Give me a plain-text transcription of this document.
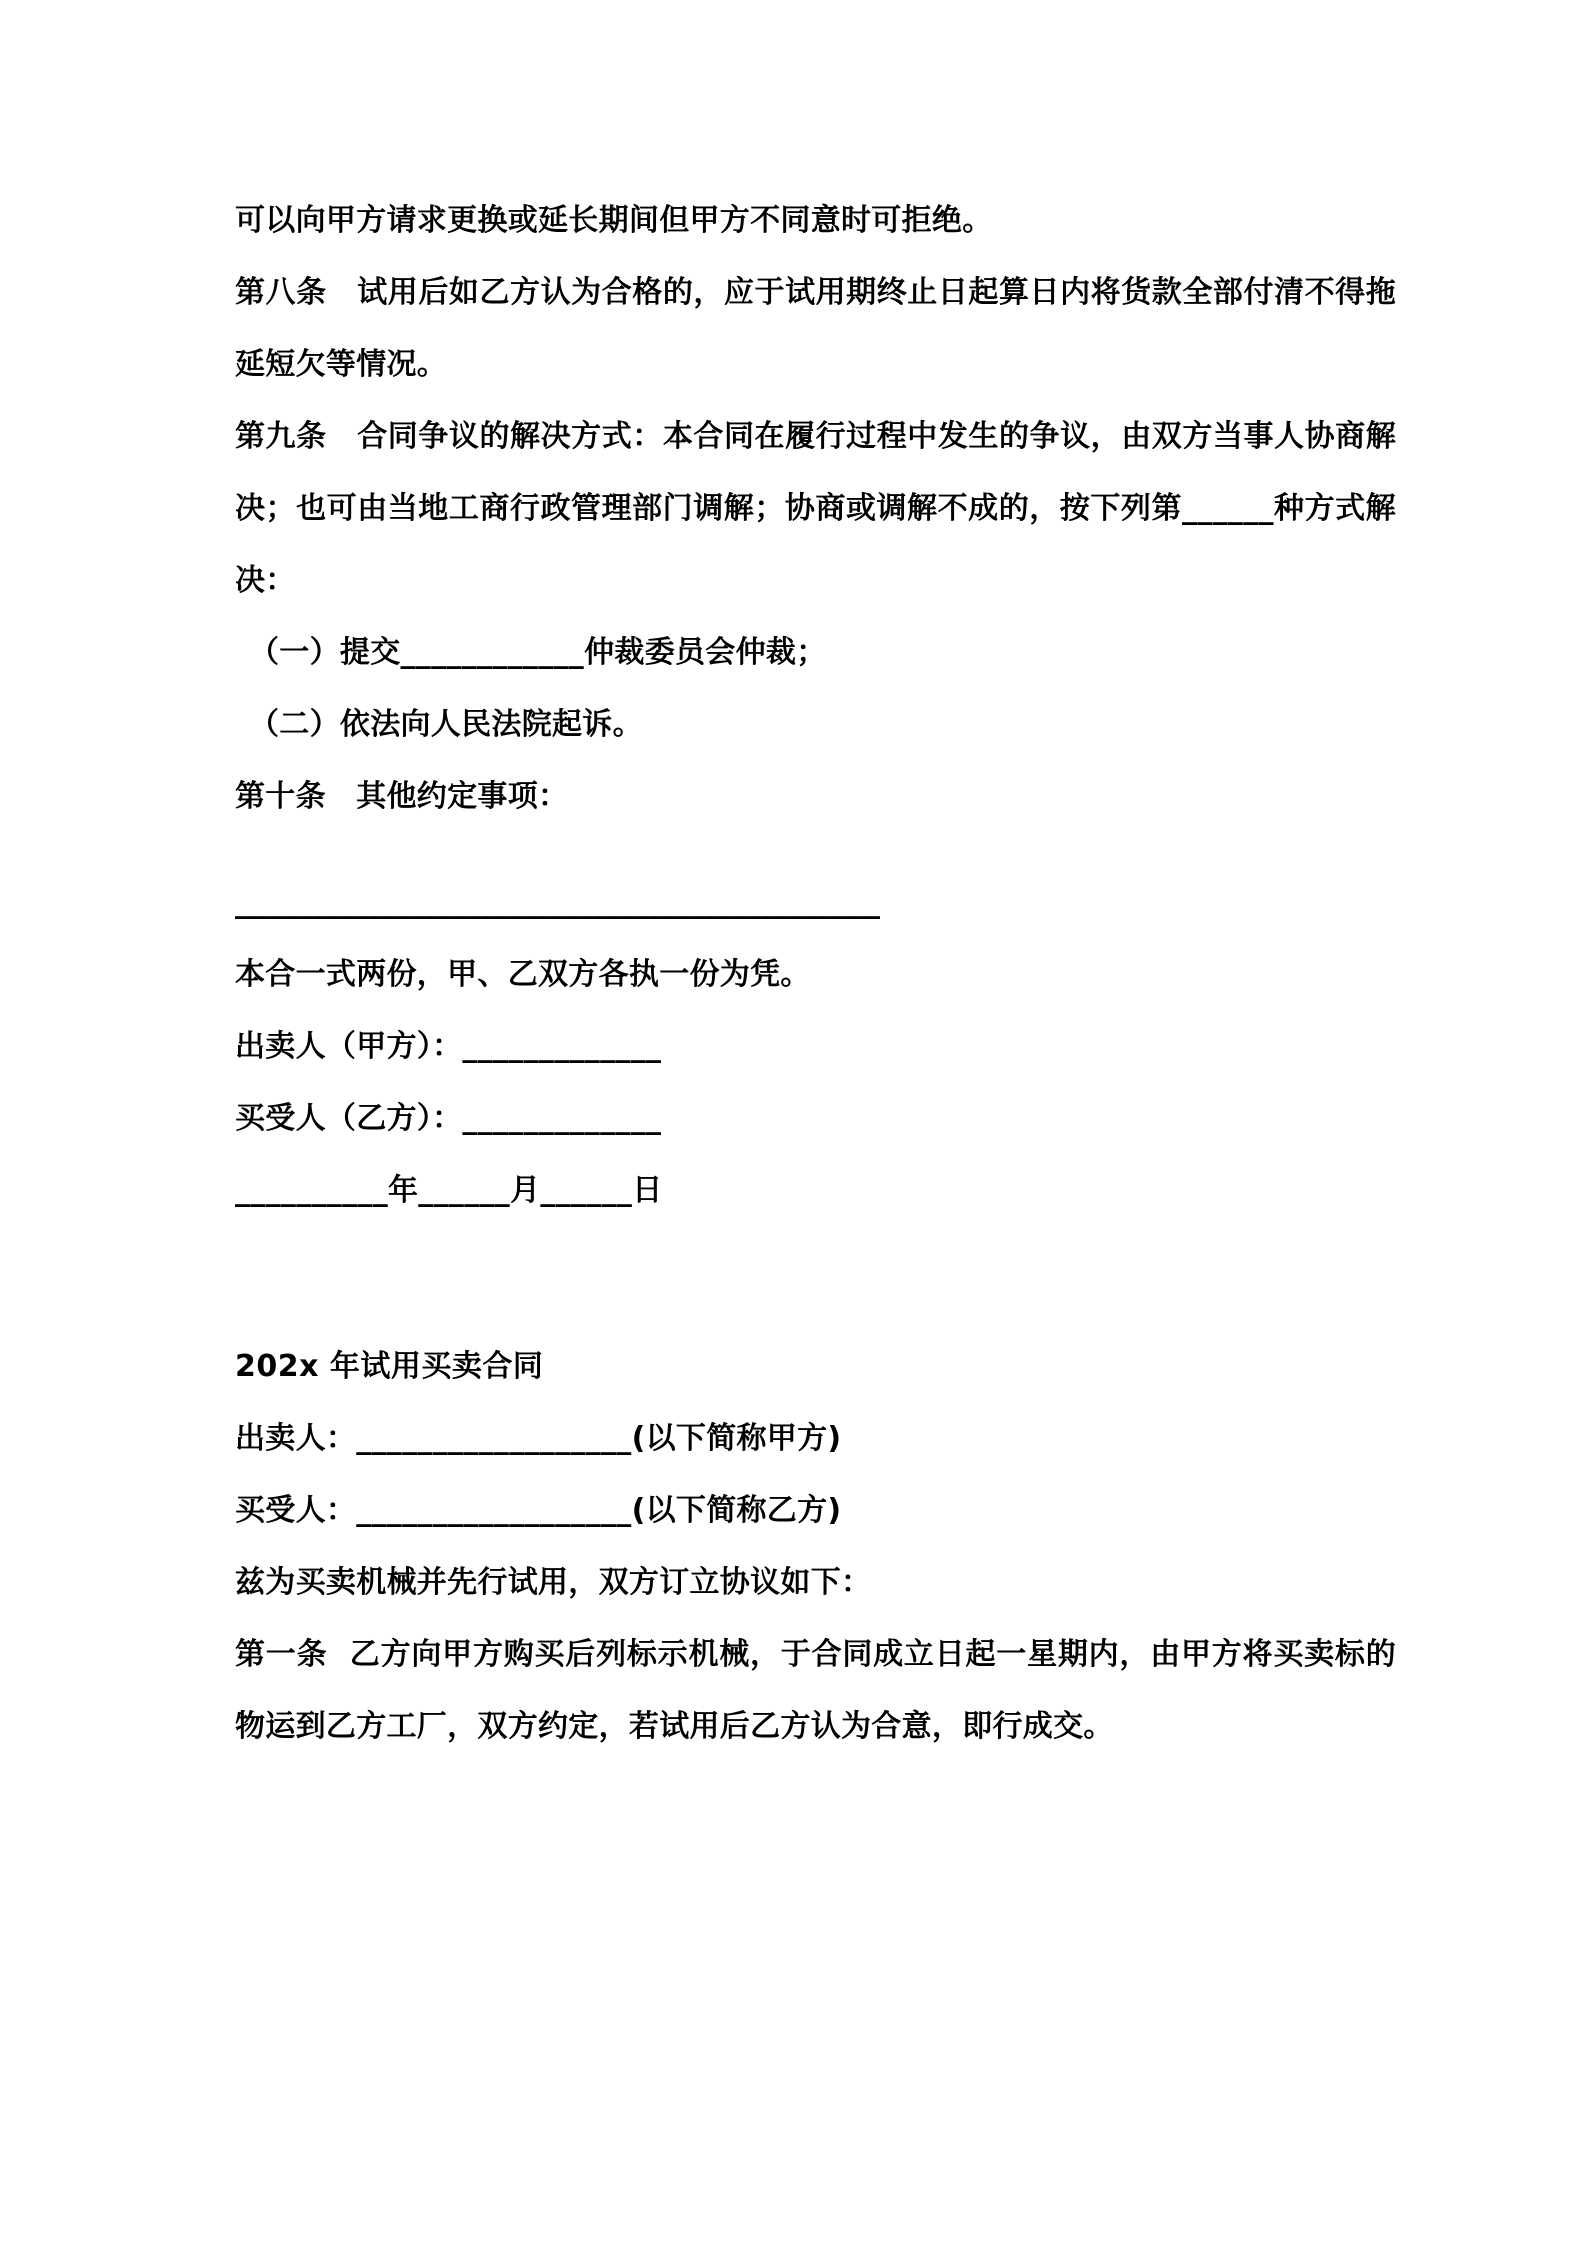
可以向甲方请求更换或延长期间但甲方不同意时可拒绝。

第八条　试用后如乙方认为合格的，应于试用期终止日起算日内将货款全部付清不得拖延短欠等情况。

第九条　合同争议的解决方式：本合同在履行过程中发生的争议，由双方当事人协商解决；也可由当地工商行政管理部门调解；协商或调解不成的，按下列第______种方式解决：

（一）提交____________仲裁委员会仲裁；

（二）依法向人民法院起诉。

第十条　其他约定事项：

______________________________________________

本合一式两份，甲、乙双方各执一份为凭。

出卖人（甲方）：_____________

买受人（乙方）：_____________

__________年______月______日

202x 年试用买卖合同

出卖人：__________________(以下简称甲方)

买受人：__________________(以下简称乙方)

兹为买卖机械并先行试用，双方订立协议如下：

第一条  乙方向甲方购买后列标示机械，于合同成立日起一星期内，由甲方将买卖标的物运到乙方工厂，双方约定，若试用后乙方认为合意，即行成交。
